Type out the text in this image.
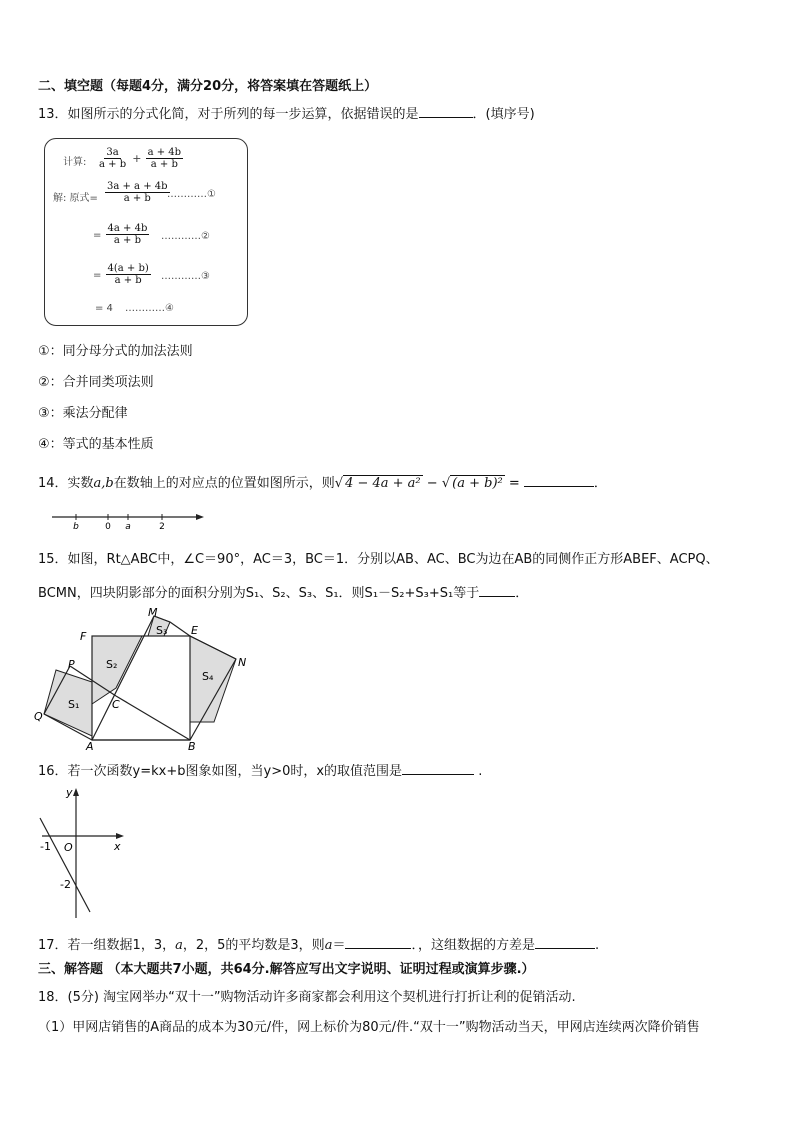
二、填空题（每题4分，满分20分，将答案填在答题纸上）
13．如图所示的分式化简，对于所列的每一步运算，依据错误的是	．(填序号)
计算: $\frac{3a}{a + b} + \frac{a + 4b}{a + b}$
解: 原式= $\frac{3a + a + 4b}{a + b}$
…………①
= $\frac{4a + 4b}{a + b}$ …………②
= $\frac{4(a + b)}{a + b}$ …………③
= 4 …………④
①：同分母分式的加法法则
②：合并同类项法则
③：乘法分配律
④：等式的基本性质
14．实数a,b在数轴上的对应点的位置如图所示，则√ 4 − 4a + a² − √ (a + b)² =	．
b	0 a	2
15．如图，Rt△ABC中，∠C＝90°，AC＝3，BC＝1．分别以AB、AC、BC为边在AB的同侧作正方形ABEF、ACPQ、
BCMN，四块阴影部分的面积分别为S₁、S₂、S₃、S₁．则S₁－S₂+S₃+S₁等于	．
M
F	E
N
P
Q
C
A	B
S₁
S₂
S₃
S₄
16．若一次函数y=kx+b图象如图，当y>0时，x的取值范围是	.
y
x
O
-1
-2
17．若一组数据1，3，a，2，5的平均数是3，则a＝	．，这组数据的方差是	.
三、解答题 （本大题共7小题，共64分.解答应写出文字说明、证明过程或演算步骤.）
18．(5分) 淘宝网举办“双十一”购物活动许多商家都会利用这个契机进行打折让利的促销活动.
（1）甲网店销售的A商品的成本为30元/件，网上标价为80元/件.“双十一”购物活动当天，甲网店连续两次降价销售
